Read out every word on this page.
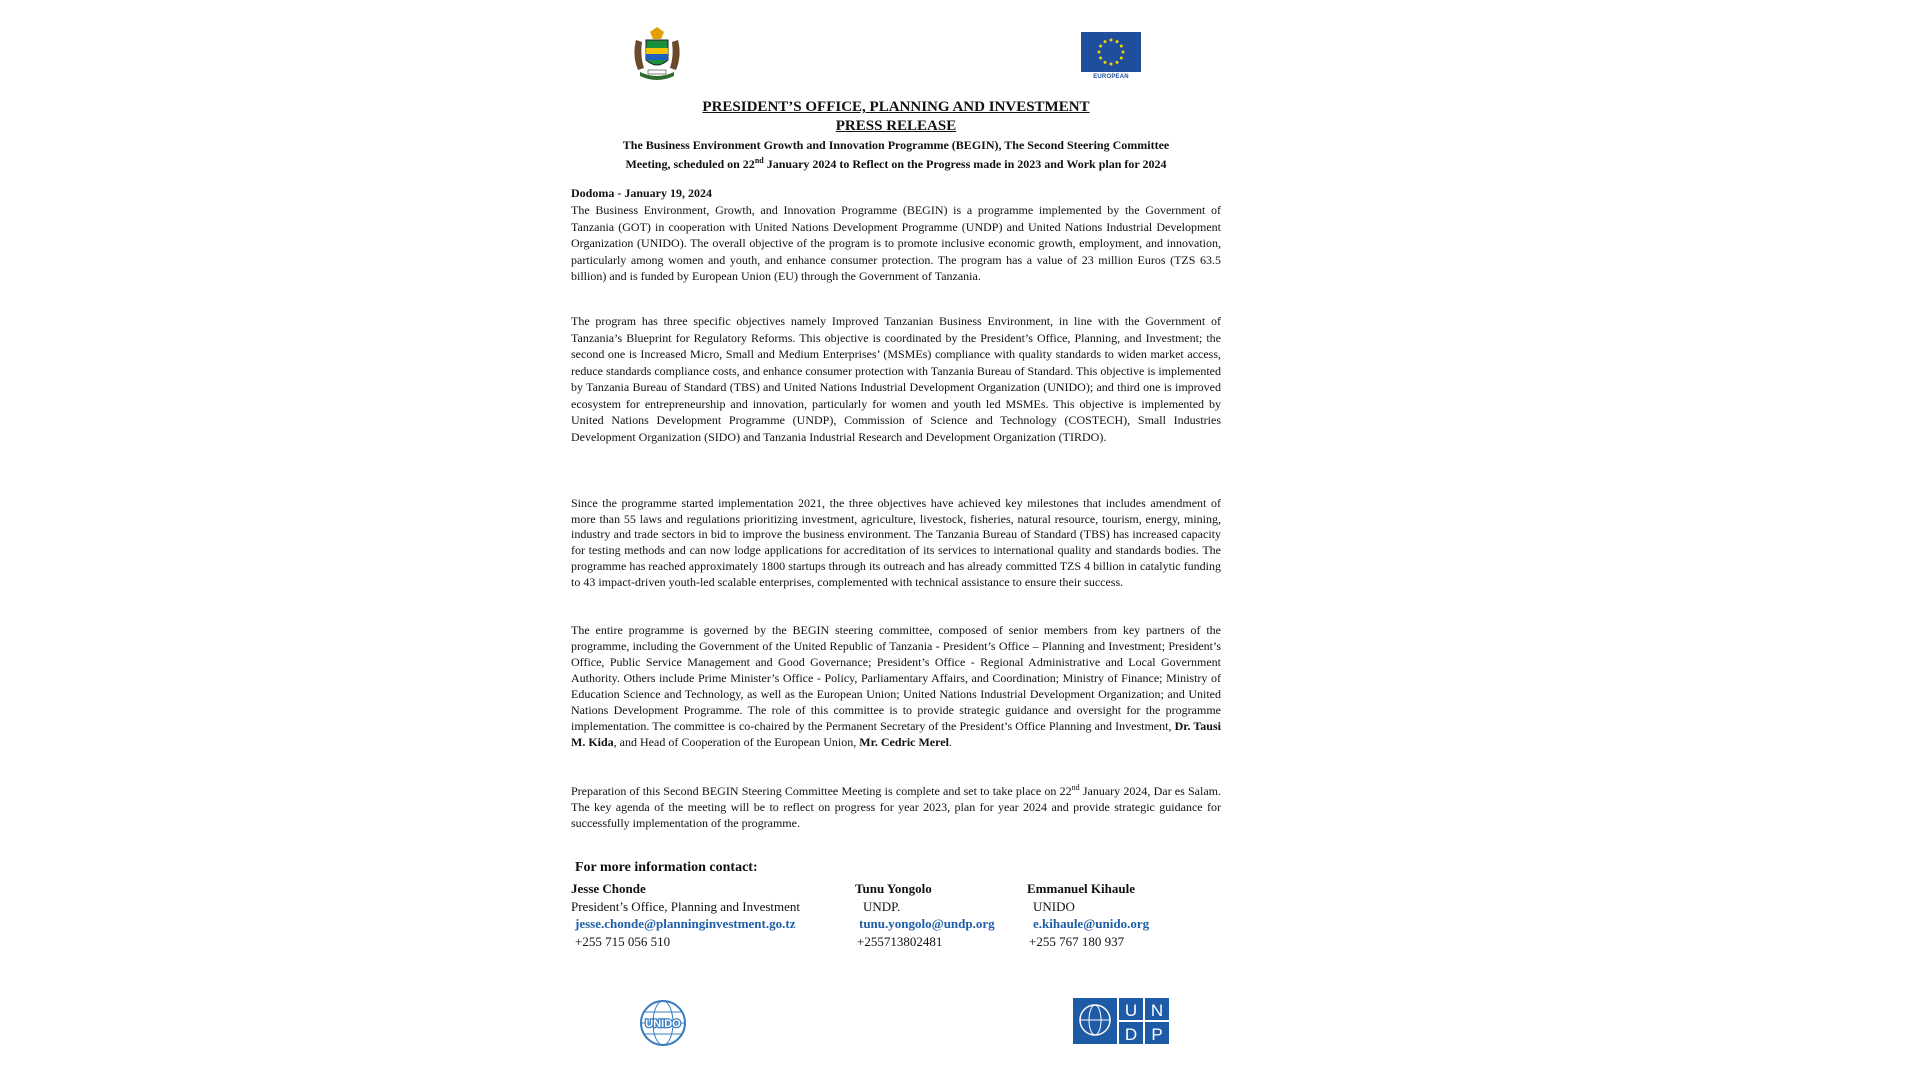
EUROPEAN
PRESIDENT’S OFFICE, PLANNING AND INVESTMENT
PRESS RELEASE
The Business Environment Growth and Innovation Programme (BEGIN), The Second Steering Committee
Meeting, scheduled on 22nd January 2024 to Reflect on the Progress made in 2023 and Work plan for 2024
Dodoma - January 19, 2024
The Business Environment, Growth, and Innovation Programme (BEGIN) is a programme implemented by the Government of Tanzania (GOT) in cooperation with United Nations Development Programme (UNDP) and United Nations Industrial Development Organization (UNIDO). The overall objective of the program is to promote inclusive economic growth, employment, and innovation, particularly among women and youth, and enhance consumer protection. The program has a value of 23 million Euros (TZS 63.5 billion) and is funded by European Union (EU) through the Government of Tanzania.
The program has three specific objectives namely Improved Tanzanian Business Environment, in line with the Government of Tanzania’s Blueprint for Regulatory Reforms. This objective is coordinated by the President’s Office, Planning, and Investment; the second one is Increased Micro, Small and Medium Enterprises’ (MSMEs) compliance with quality standards to widen market access, reduce standards compliance costs, and enhance consumer protection with Tanzania Bureau of Standard. This objective is implemented by Tanzania Bureau of Standard (TBS) and United Nations Industrial Development Organization (UNIDO); and third one is improved ecosystem for entrepreneurship and innovation, particularly for women and youth led MSMEs. This objective is implemented by United Nations Development Programme (UNDP), Commission of Science and Technology (COSTECH), Small Industries Development Organization (SIDO) and Tanzania Industrial Research and Development Organization (TIRDO).
Since the programme started implementation 2021, the three objectives have achieved key milestones that includes amendment of more than 55 laws and regulations prioritizing investment, agriculture, livestock, fisheries, natural resource, tourism, energy, mining, industry and trade sectors in bid to improve the business environment. The Tanzania Bureau of Standard (TBS) has increased capacity for testing methods and can now lodge applications for accreditation of its services to international quality and standards bodies. The programme has reached approximately 1800 startups through its outreach and has already committed TZS 4 billion in catalytic funding to 43 impact-driven youth-led scalable enterprises, complemented with technical assistance to ensure their success.
The entire programme is governed by the BEGIN steering committee, composed of senior members from key partners of the programme, including the Government of the United Republic of Tanzania - President’s Office – Planning and Investment; President’s Office, Public Service Management and Good Governance; President’s Office - Regional Administrative and Local Government Authority. Others include Prime Minister’s Office - Policy, Parliamentary Affairs, and Coordination; Ministry of Finance; Ministry of Education Science and Technology, as well as the European Union; United Nations Industrial Development Organization; and United Nations Development Programme. The role of this committee is to provide strategic guidance and oversight for the programme implementation. The committee is co-chaired by the Permanent Secretary of the President’s Office Planning and Investment, Dr. Tausi M. Kida, and Head of Cooperation of the European Union, Mr. Cedric Merel.
Preparation of this Second BEGIN Steering Committee Meeting is complete and set to take place on 22nd January 2024, Dar es Salam. The key agenda of the meeting will be to reflect on progress for year 2023, plan for year 2024 and provide strategic guidance for successfully implementation of the programme.
For more information contact:
Jesse Chonde
President’s Office, Planning and Investment
jesse.chonde@planninginvestment.go.tz
+255 715 056 510
Tunu Yongolo
UNDP.
tunu.yongolo@undp.org
+255713802481
Emmanuel Kihaule
UNIDO
e.kihaule@unido.org
+255 767 180 937
UNIDO
U N
D P
